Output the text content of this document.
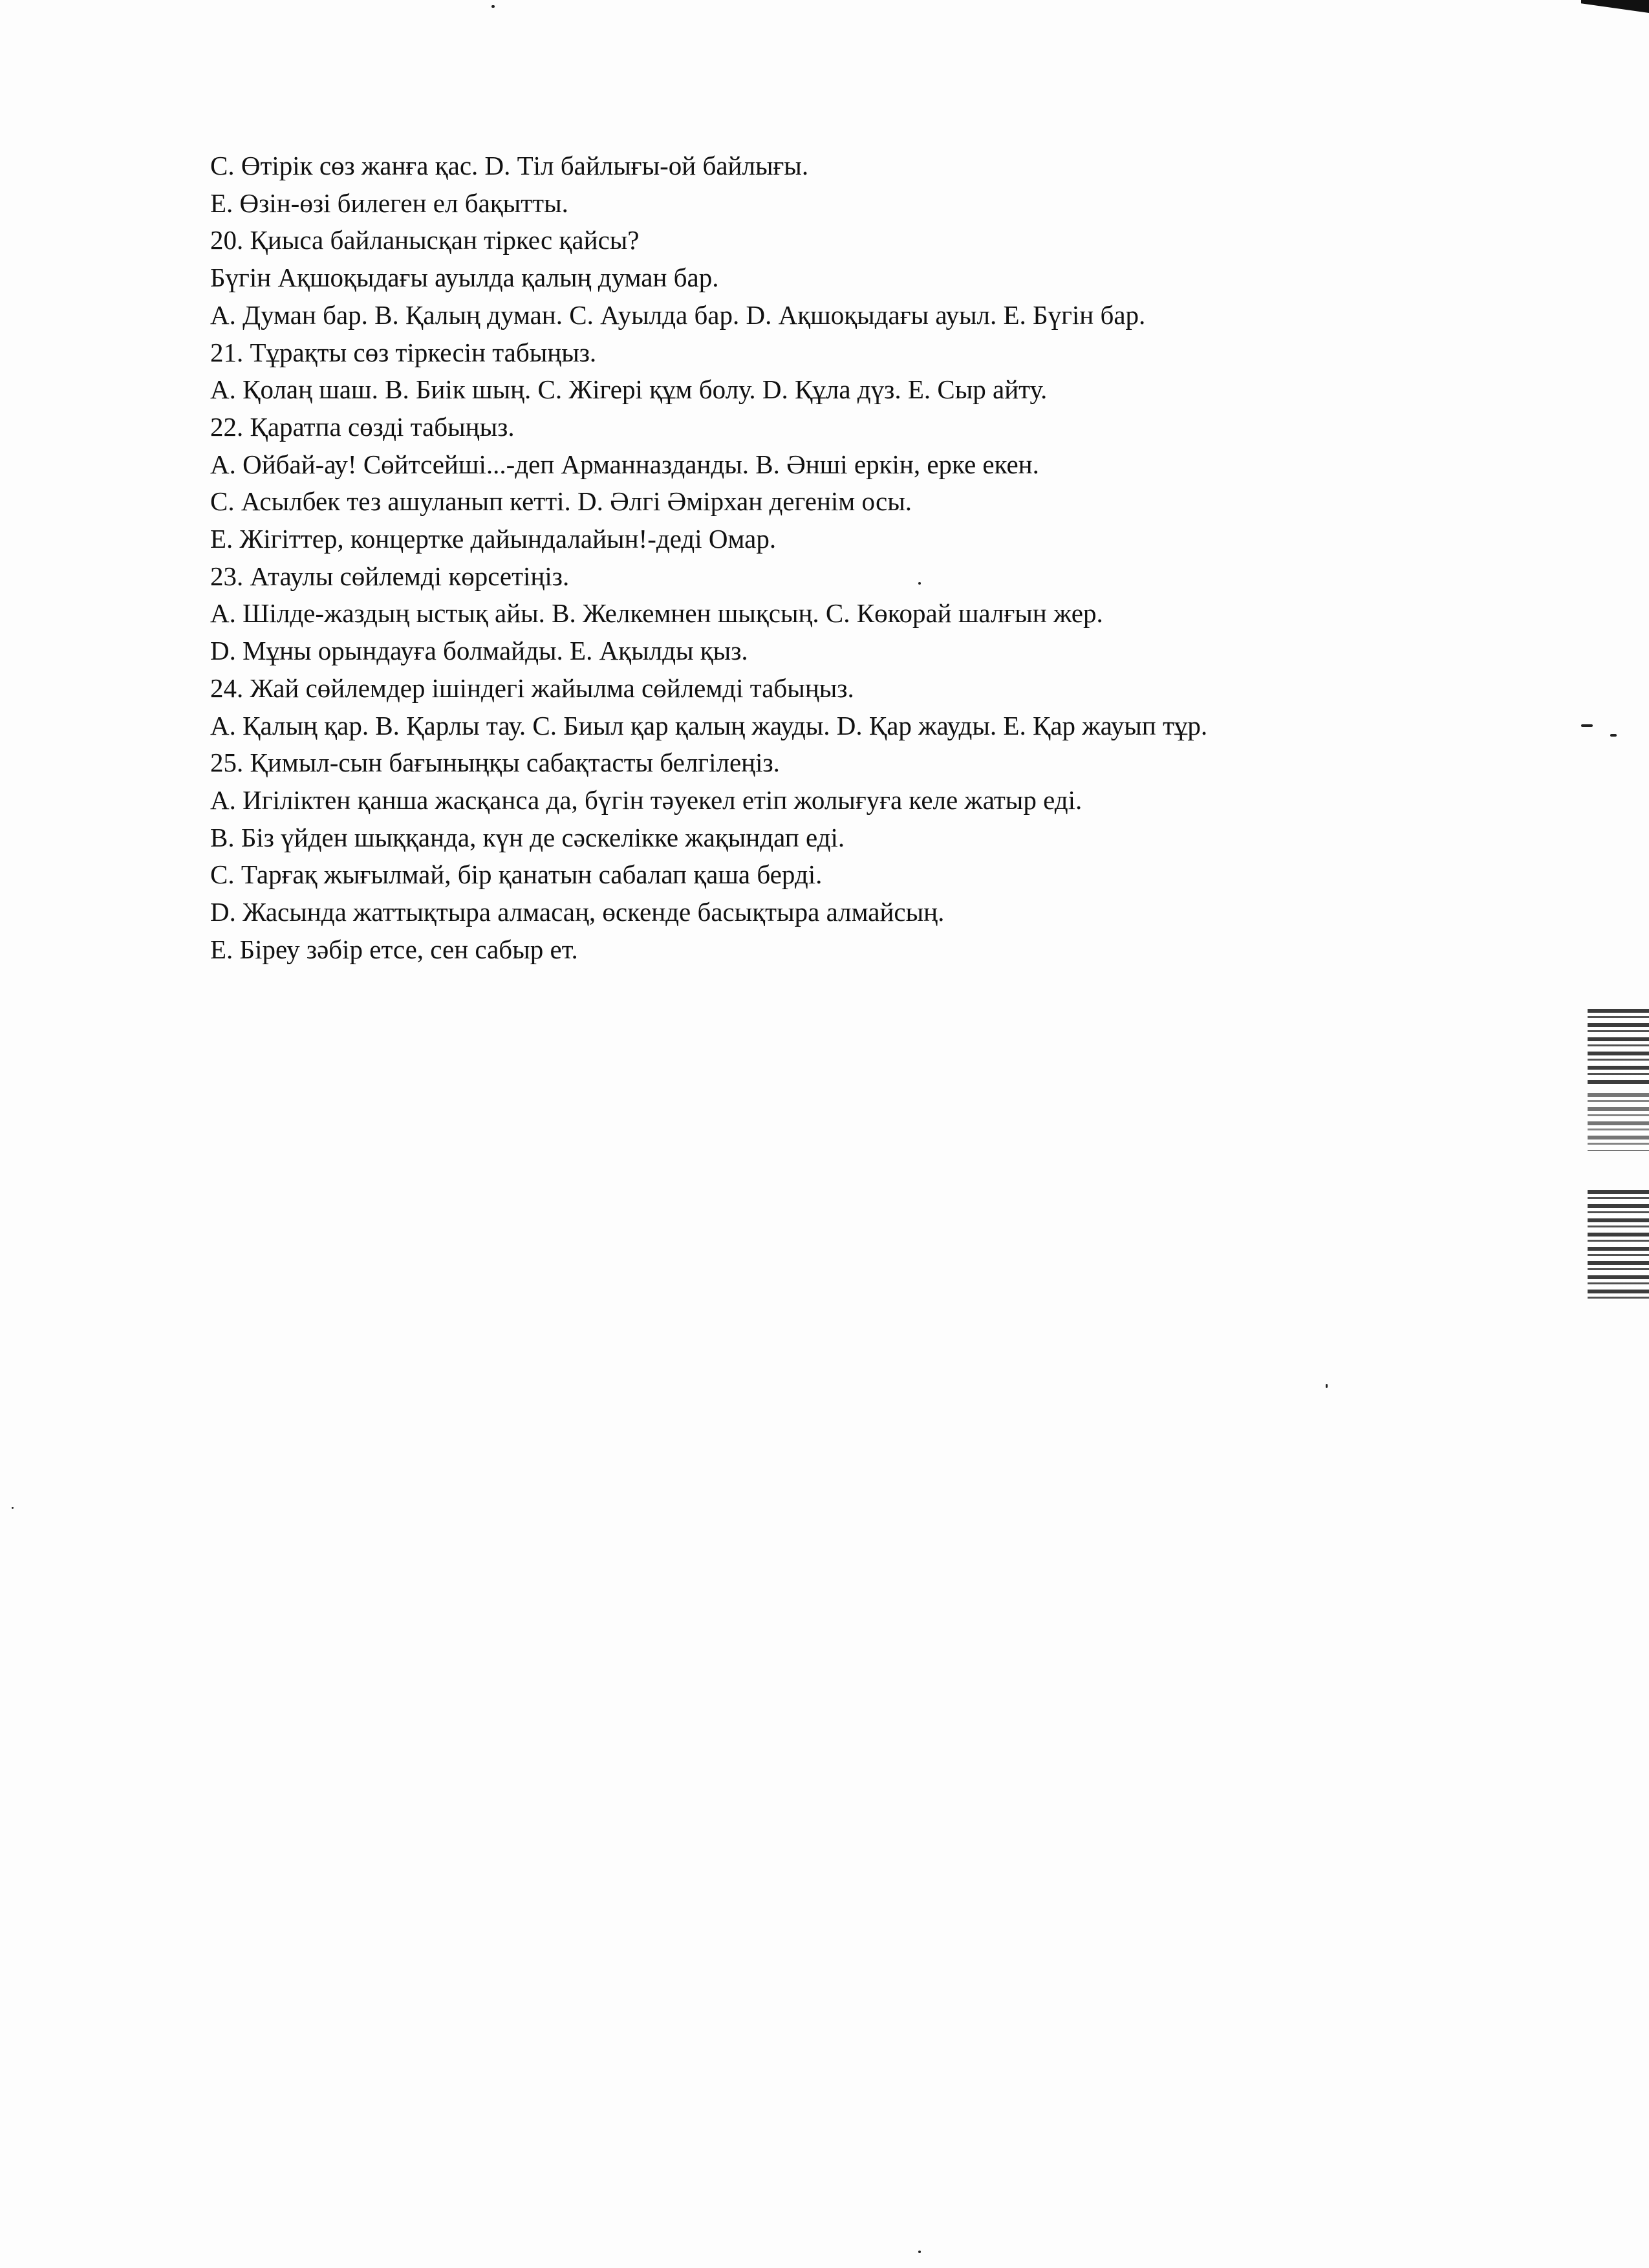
C. Өтірік сөз жанға қас. D. Тіл байлығы-ой байлығы.

E. Өзін-өзі билеген ел бақытты.

20. Қиыса байланысқан тіркес қайсы?

Бүгін Ақшоқыдағы ауылда қалың думан бар.

A. Думан бар. B. Қалың думан. C. Ауылда бар. D. Ақшоқыдағы ауыл. E. Бүгін бар.

21. Тұрақты сөз тіркесін табыңыз.

A. Қолаң шаш. B. Биік шың. C. Жігері құм болу. D. Құла дүз. E. Сыр айту.

22. Қаратпа сөзді табыңыз.

A. Ойбай-ау! Сөйтсейші...-деп Арманназданды. B. Әнші еркін, ерке екен.

C. Асылбек тез ашуланып кетті. D. Әлгі Әмірхан дегенім осы.

E. Жігіттер, концертке дайындалайын!-деді Омар.

23. Атаулы сөйлемді көрсетіңіз.

A. Шілде-жаздың ыстық айы. B. Желкемнен шықсың. C. Көкорай шалғын жер.

D. Мұны орындауға болмайды. E. Ақылды қыз.

24. Жай сөйлемдер ішіндегі жайылма сөйлемді табыңыз.

A. Қалың қар. B. Қарлы тау. C. Биыл қар қалың жауды. D. Қар жауды. E. Қар жауып тұр.

25. Қимыл-сын бағыныңқы сабақтасты белгілеңіз.

A. Игіліктен қанша жасқанса да, бүгін тәуекел етіп жолығуға келе жатыр еді.

B. Біз үйден шыққанда, күн де сәскелікке жақындап еді.

C. Тарғақ жығылмай, бір қанатын сабалап қаша берді.

D. Жасында жаттықтыра алмасаң, өскенде басықтыра алмайсың.

E. Біреу зәбір етсе, сен сабыр ет.
